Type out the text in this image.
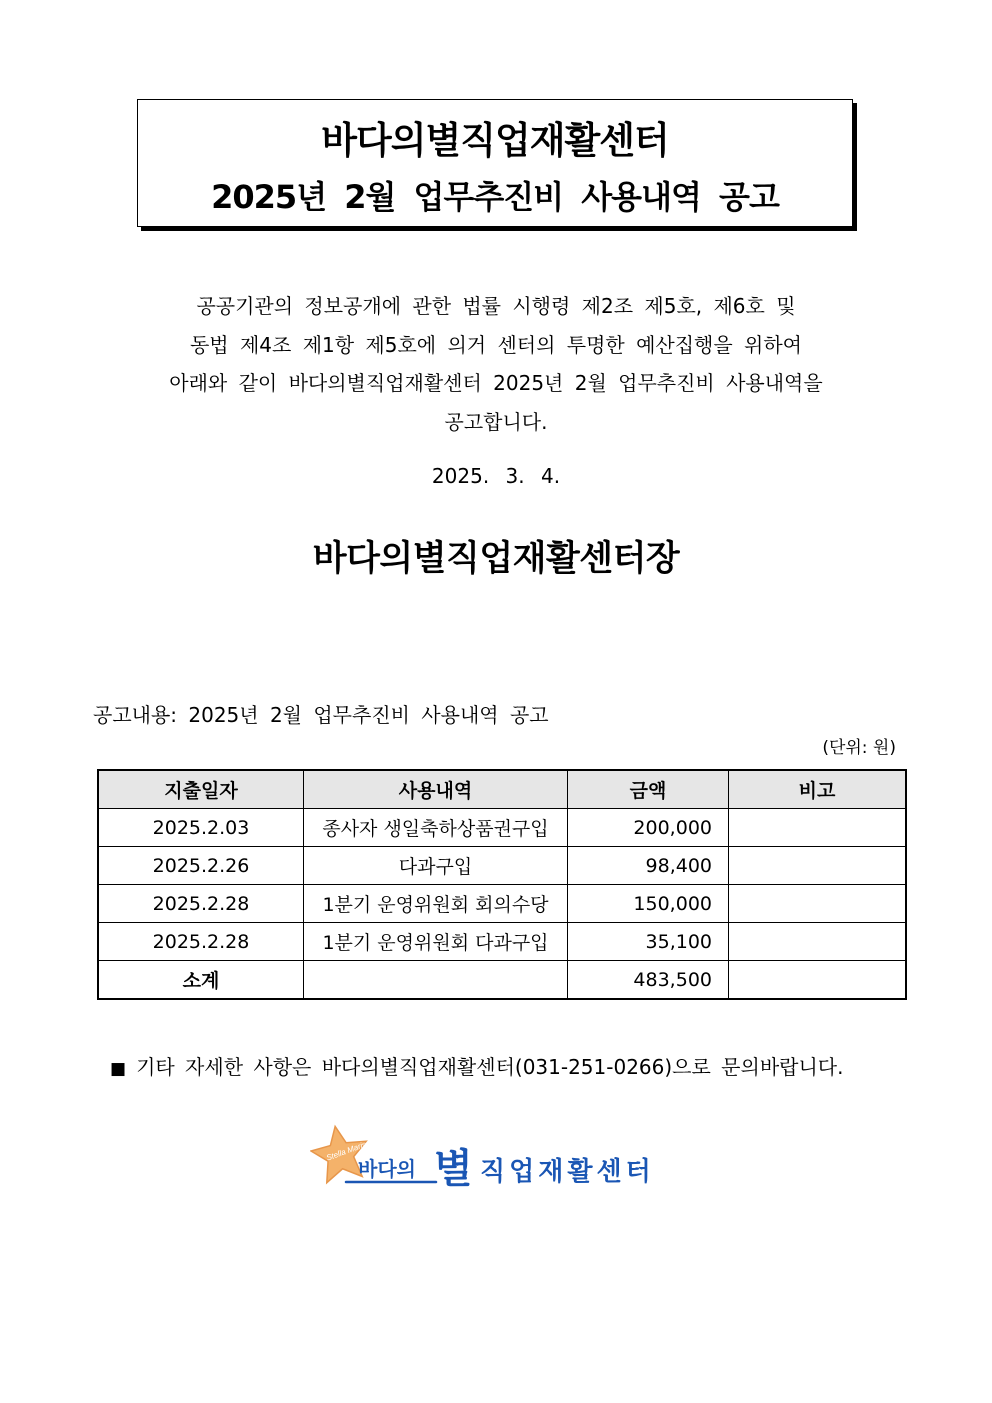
바다의별직업재활센터
2025년 2월 업무추진비 사용내역 공고
공공기관의 정보공개에 관한 법률 시행령 제2조 제5호, 제6호 및
동법 제4조 제1항 제5호에 의거 센터의 투명한 예산집행을 위하여
아래와 같이 바다의별직업재활센터 2025년 2월 업무추진비 사용내역을
공고합니다.
2025. 3. 4.
바다의별직업재활센터장
공고내용: 2025년 2월 업무추진비 사용내역 공고
(단위: 원)
지출일자	사용내역	금액	비고
2025.2.03	종사자 생일축하상품권구입	200,000	
2025.2.26	다과구입	98,400	
2025.2.28	1분기 운영위원회 회의수당	150,000	
2025.2.28	1분기 운영위원회 다과구입	35,100	
소계		483,500	
■ 기타 자세한 사항은 바다의별직업재활센터(031-251-0266)으로 문의바랍니다.
Stella Maris
바다의 별 직업재활센터
